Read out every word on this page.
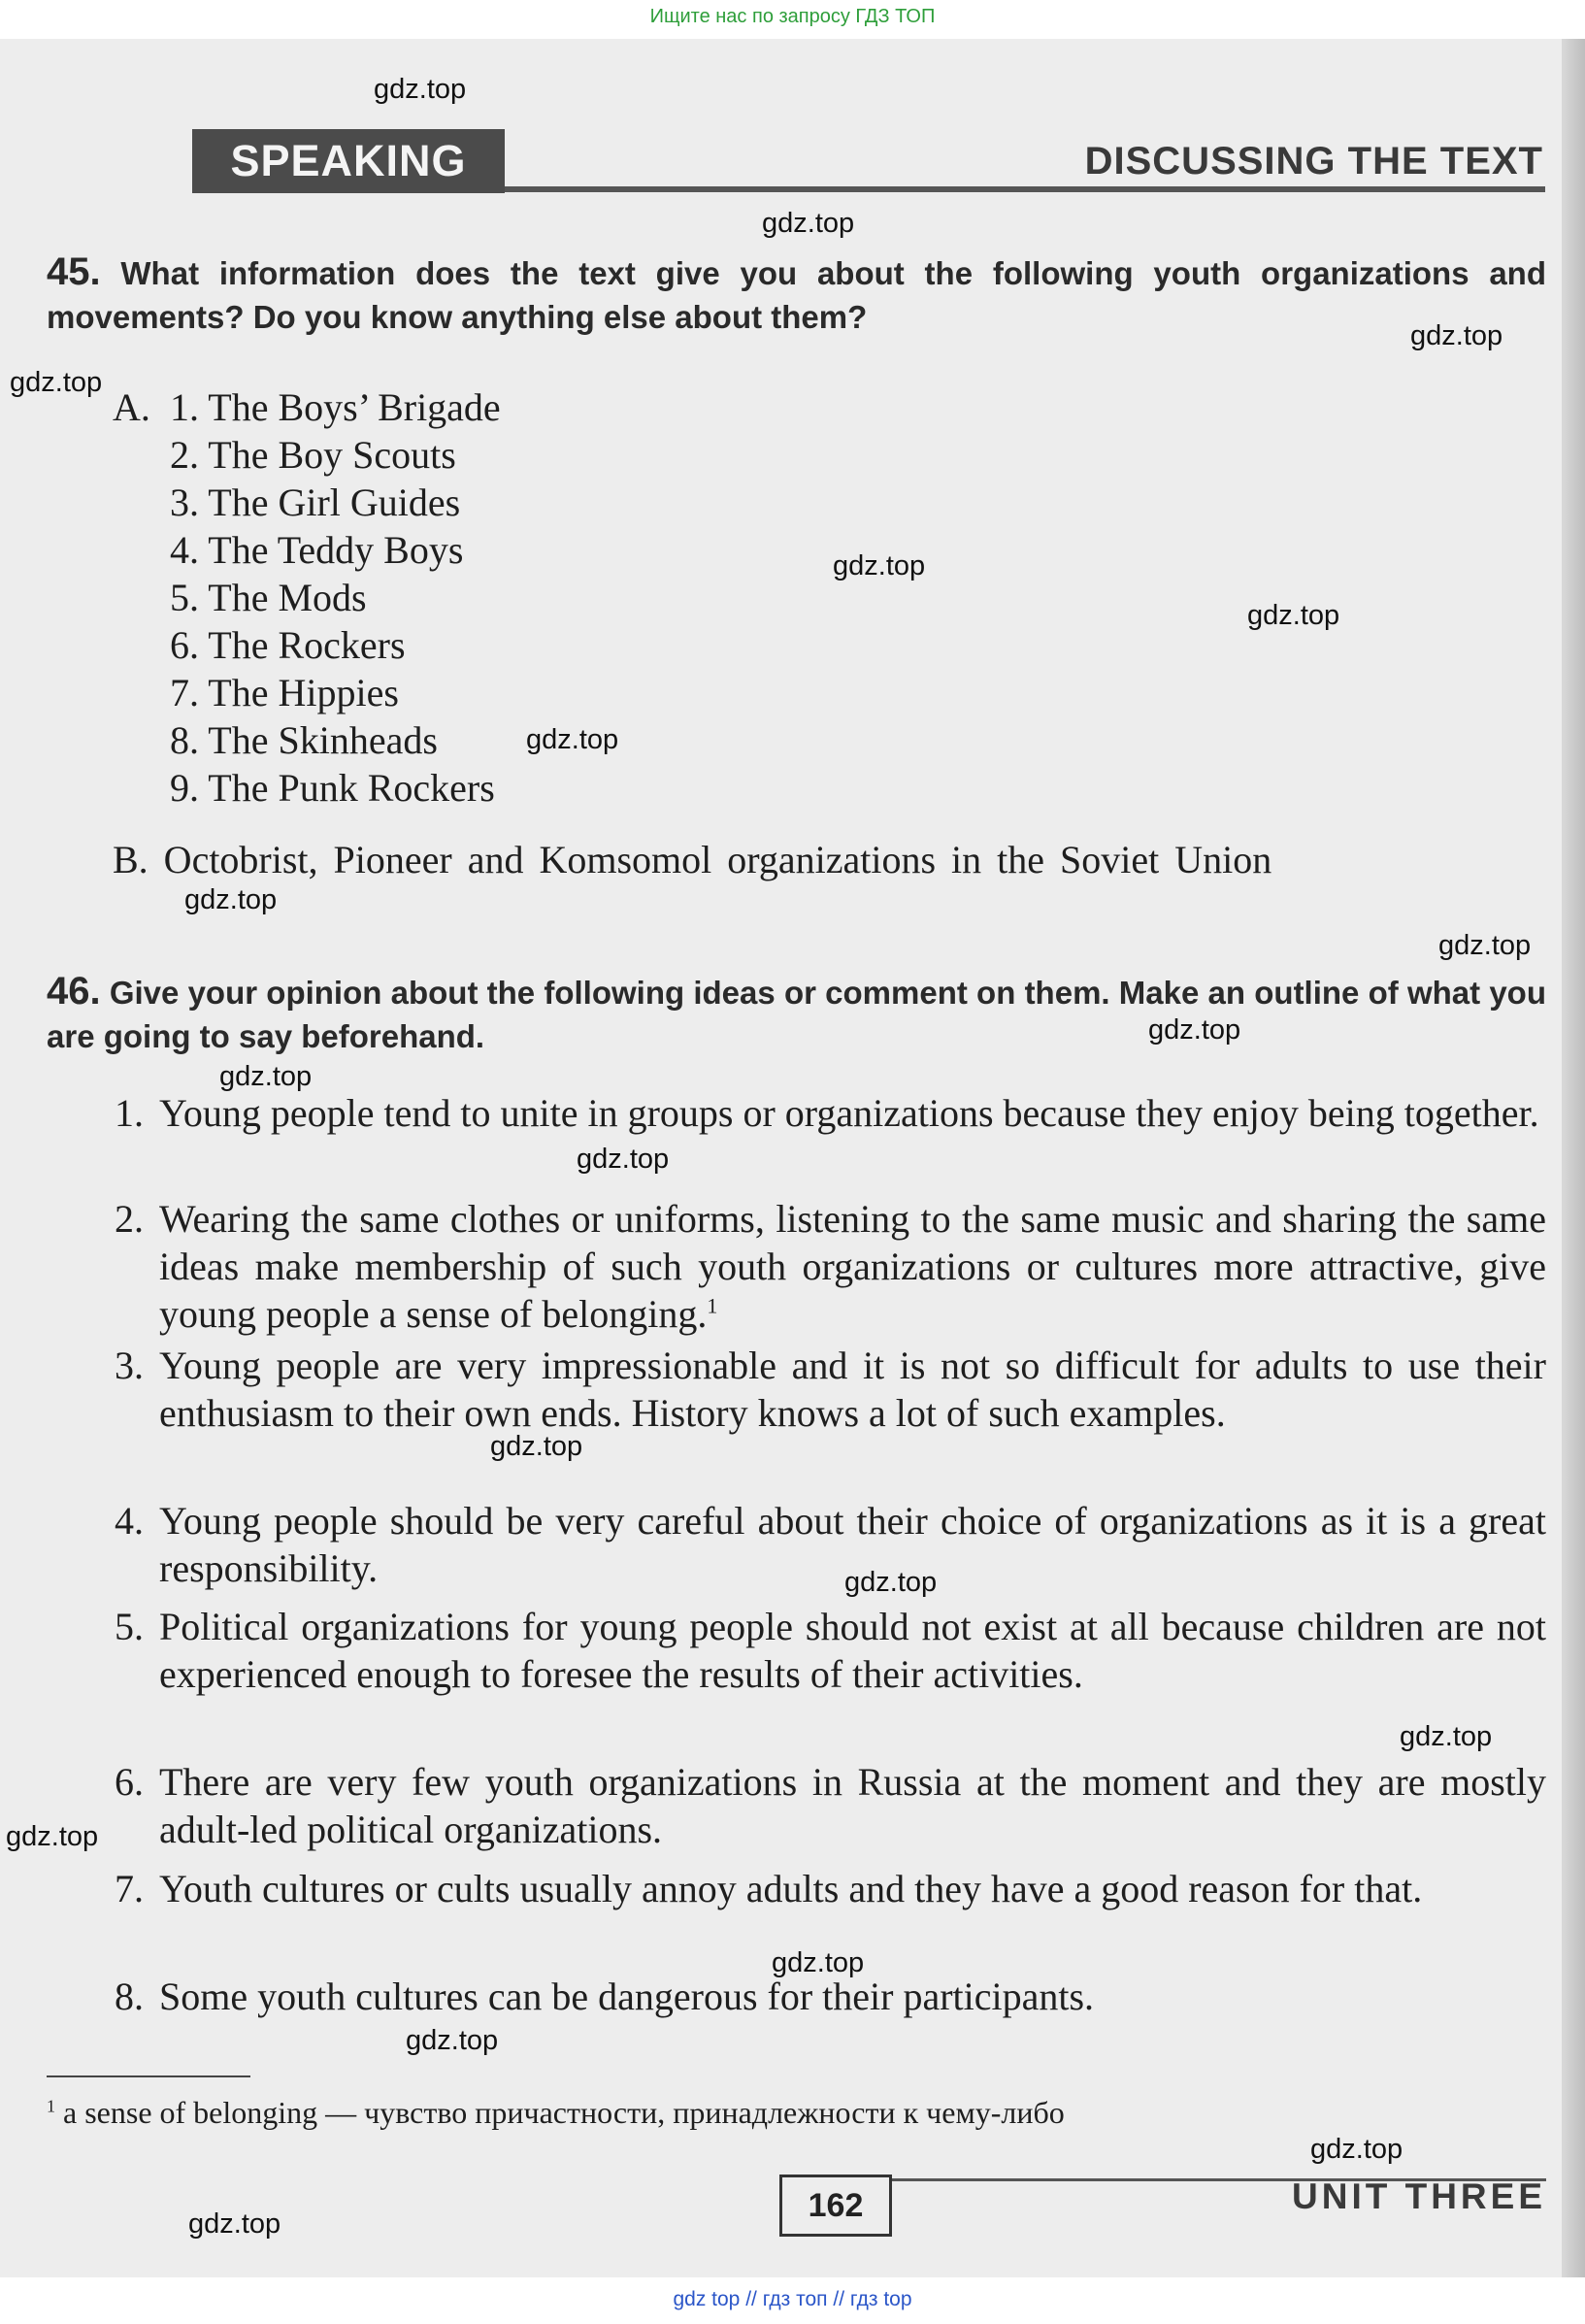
Ищите нас по запросу ГДЗ ТОП
SPEAKING	DISCUSSING THE TEXT
45. What information does the text give you about the following youth organizations and movements? Do you know anything else about them?
A. 1. The Boys’ Brigade
2. The Boy Scouts
3. The Girl Guides
4. The Teddy Boys
5. The Mods
6. The Rockers
7. The Hippies
8. The Skinheads
9. The Punk Rockers
B. Octobrist, Pioneer and Komsomol organizations in the Soviet Union
46. Give your opinion about the following ideas or comment on them. Make an outline of what you are going to say beforehand.
1. Young people tend to unite in groups or organizations because they enjoy being together.
2. Wearing the same clothes or uniforms, listening to the same music and sharing the same ideas make membership of such youth organizations or cultures more attractive, give young people a sense of belonging.$^1$
3. Young people are very impressionable and it is not so difficult for adults to use their enthusiasm to their own ends. History knows a lot of such examples.
4. Young people should be very careful about their choice of organizations as it is a great responsibility.
5. Political organizations for young people should not exist at all because children are not experienced enough to foresee the results of their activities.
6. There are very few youth organizations in Russia at the moment and they are mostly adult-led political organizations.
7. Youth cultures or cults usually annoy adults and they have a good reason for that.
8. Some youth cultures can be dangerous for their participants.
$^1$ a sense of belonging — чувство причастности, принадлежности к чему-либо
162	UNIT THREE
gdz.top
gdz.top
gdz.top
gdz.top
gdz.top
gdz.top
gdz.top
gdz.top
gdz.top
gdz.top
gdz.top
gdz.top
gdz.top
gdz.top
gdz.top
gdz.top
gdz.top
gdz.top
gdz.top
gdz.top
gdz top // гдз топ // гдз top
